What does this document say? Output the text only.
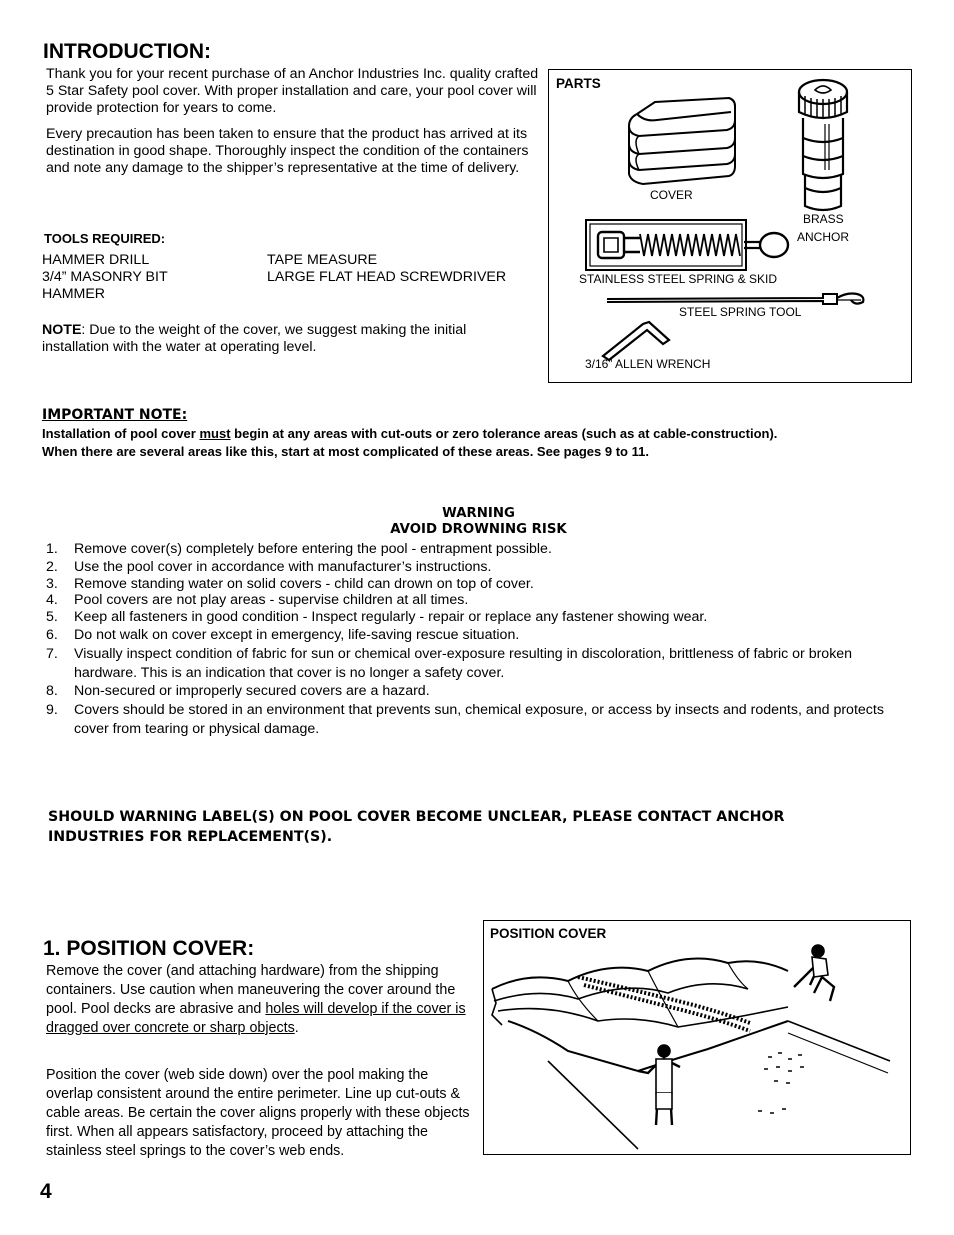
INTRODUCTION:
Thank you for your recent purchase of an Anchor Industries Inc. quality crafted 5 Star Safety pool cover. With proper installation and care, your pool cover will provide protection for years to come.
Every precaution has been taken to ensure that the product has arrived at its destination in good shape. Thoroughly inspect the condition of the containers and note any damage to the shipper’s representative at the time of delivery.
TOOLS REQUIRED:
HAMMER DRILL
3/4” MASONRY BIT
HAMMER
TAPE MEASURE
LARGE FLAT HEAD SCREWDRIVER
NOTE: Due to the weight of the cover, we suggest making the initial installation with the water at operating level.
PARTS
COVER
BRASS
ANCHOR
STAINLESS STEEL SPRING & SKID
STEEL SPRING TOOL
3/16” ALLEN WRENCH
IMPORTANT NOTE:
Installation of pool cover must begin at any areas with cut-outs or zero tolerance areas (such as at cable-construction).
When there are several areas like this, start at most complicated of these areas. See pages 9 to 11.
WARNING
AVOID DROWNING RISK
1. Remove cover(s) completely before entering the pool - entrapment possible.
2. Use the pool cover in accordance with manufacturer’s instructions.
3. Remove standing water on solid covers - child can drown on top of cover.
4. Pool covers are not play areas - supervise children at all times.
5. Keep all fasteners in good condition - Inspect regularly - repair or replace any fastener showing wear.
6. Do not walk on cover except in emergency, life-saving rescue situation.
7. Visually inspect condition of fabric for sun or chemical over-exposure resulting in discoloration, brittleness of fabric or broken hardware. This is an indication that cover is no longer a safety cover.
8. Non-secured or improperly secured covers are a hazard.
9. Covers should be stored in an environment that prevents sun, chemical exposure, or access by insects and rodents, and protects cover from tearing or physical damage.
SHOULD WARNING LABEL(S) ON POOL COVER BECOME UNCLEAR, PLEASE CONTACT ANCHOR
INDUSTRIES FOR REPLACEMENT(S).
1. POSITION COVER:
Remove the cover (and attaching hardware) from the shipping containers. Use caution when maneuvering the cover around the pool. Pool decks are abrasive and holes will develop if the cover is dragged over concrete or sharp objects.
Position the cover (web side down) over the pool making the overlap consistent around the entire perimeter. Line up cut-outs & cable areas. Be certain the cover aligns properly with these objects first. When all appears satisfactory, proceed by attaching the stainless steel springs to the cover’s web ends.
POSITION COVER
4
